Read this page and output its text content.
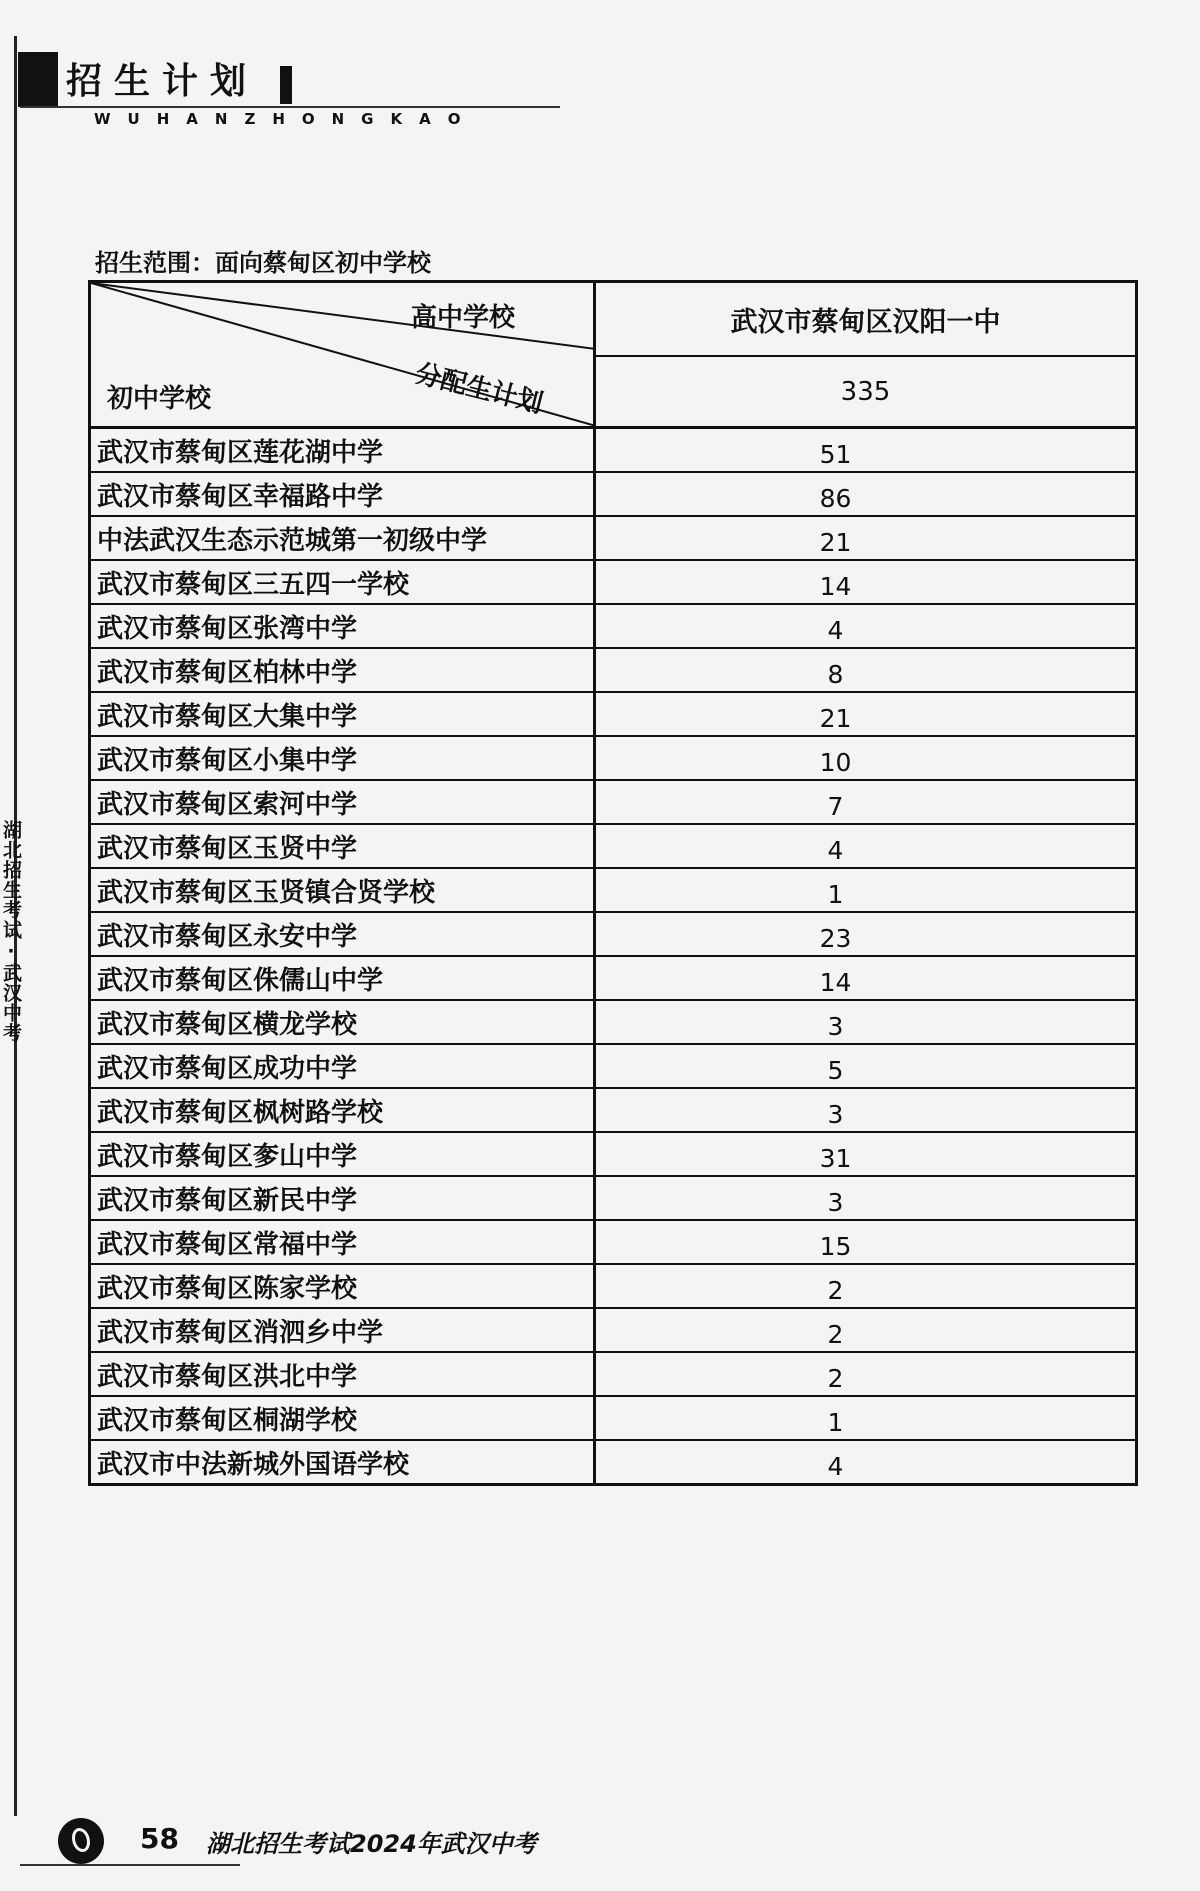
招生计划
WUHANZHONGKAO
湖北招生考试·武汉中考
招生范围：面向蔡甸区初中学校
高中学校
分配生计划
初中学校
武汉市蔡甸区汉阳一中
335
武汉市蔡甸区莲花湖中学	51
武汉市蔡甸区幸福路中学	86
中法武汉生态示范城第一初级中学	21
武汉市蔡甸区三五四一学校	14
武汉市蔡甸区张湾中学	4
武汉市蔡甸区柏林中学	8
武汉市蔡甸区大集中学	21
武汉市蔡甸区小集中学	10
武汉市蔡甸区索河中学	7
武汉市蔡甸区玉贤中学	4
武汉市蔡甸区玉贤镇合贤学校	1
武汉市蔡甸区永安中学	23
武汉市蔡甸区侏儒山中学	14
武汉市蔡甸区横龙学校	3
武汉市蔡甸区成功中学	5
武汉市蔡甸区枫树路学校	3
武汉市蔡甸区奓山中学	31
武汉市蔡甸区新民中学	3
武汉市蔡甸区常福中学	15
武汉市蔡甸区陈家学校	2
武汉市蔡甸区消泗乡中学	2
武汉市蔡甸区洪北中学	2
武汉市蔡甸区桐湖学校	1
武汉市中法新城外国语学校	4
58 湖北招生考试2024年武汉中考
